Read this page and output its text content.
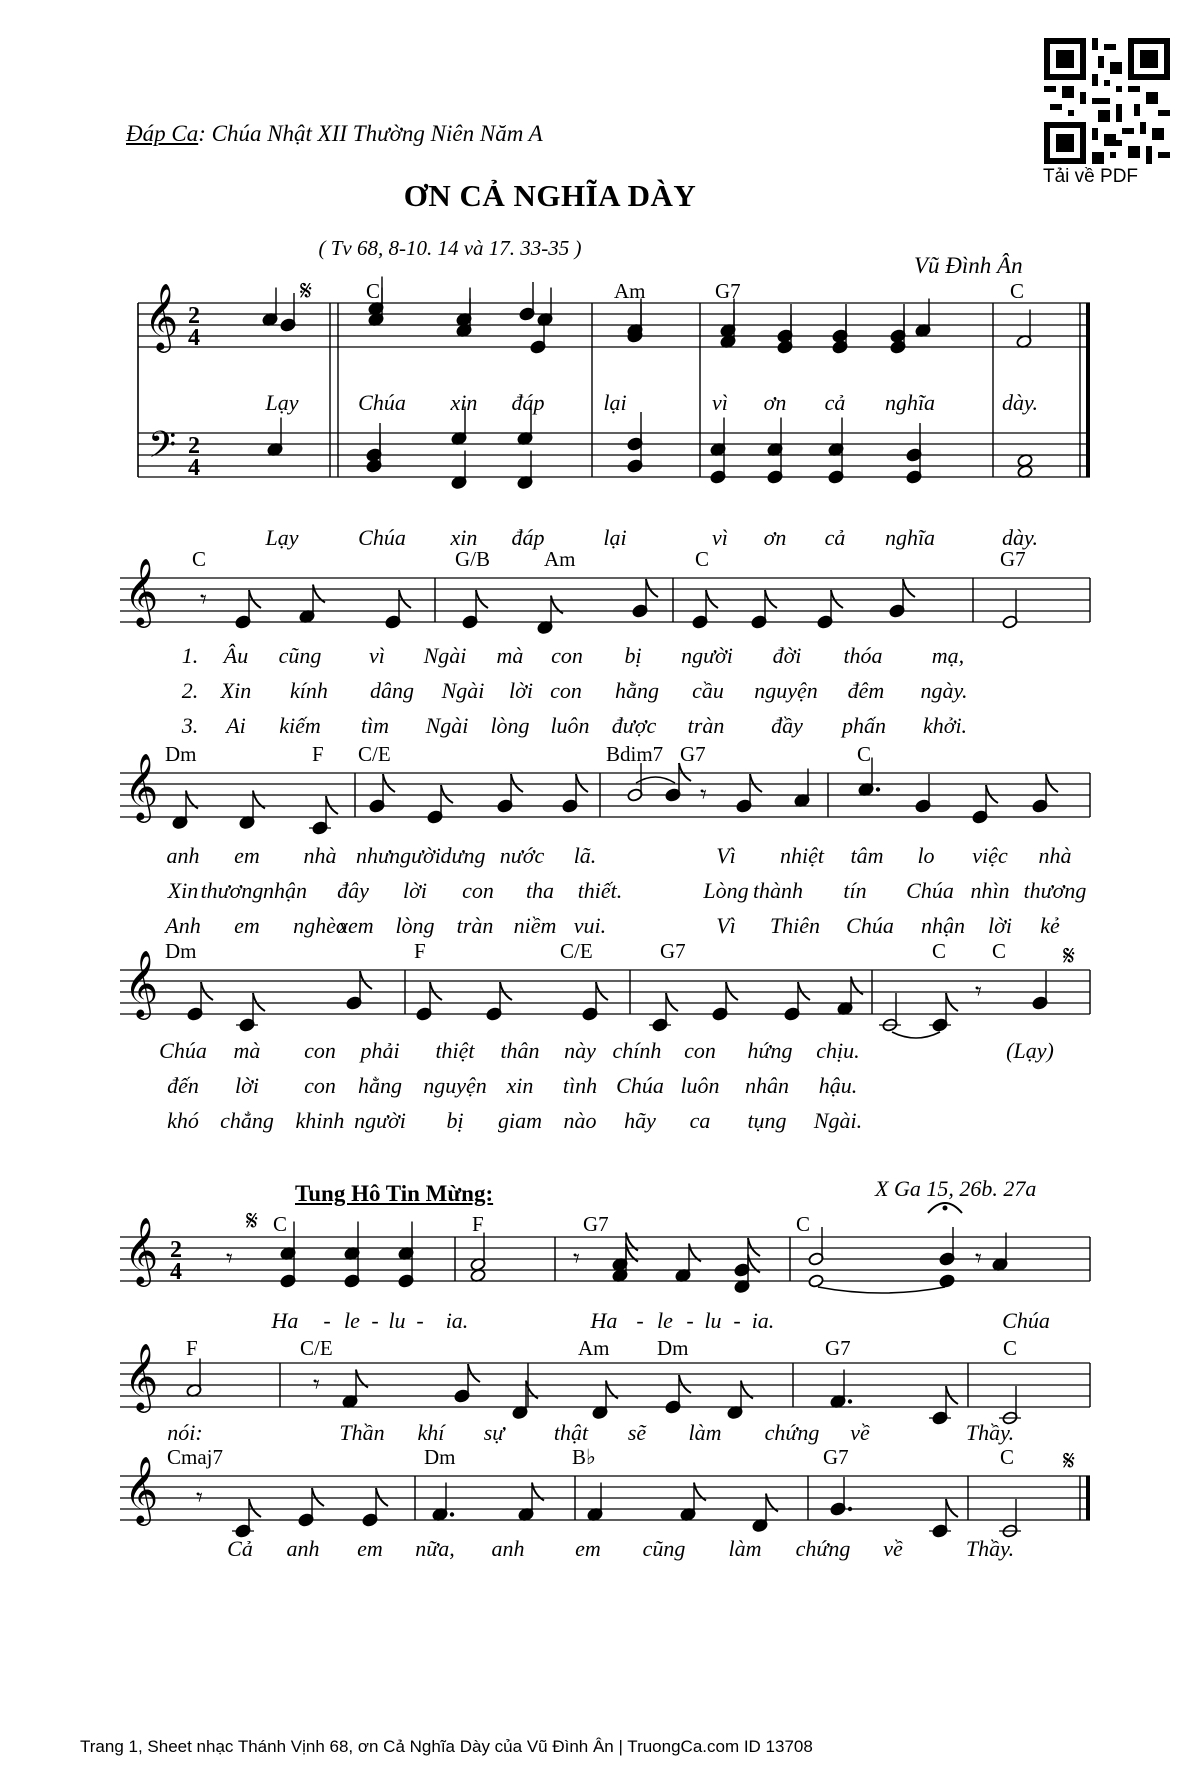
Tải về PDF
Đáp Ca: Chúa Nhật XII Thường Niên Năm A
ƠN CẢ NGHĨA DÀY
( Tv 68, 8-10. 14 và 17. 33-35 )
Vũ Đình Ân
Tung Hô Tin Mừng:	X Ga 15, 26b. 27a
𝄞 2
4
𝄢 2
4
𝄋	C	Am	G7	C
Lạy	Chúa xin đáp	lại	vì ơn cả nghĩa	dày.
Lạy	Chúa xin đáp	lại	vì ơn cả nghĩa	dày.
𝄞 C	G/B	Am	C	G7
𝄾
1. Âu cũng vì Ngài mà con bị người đời thóa mạ,
2. Xin kính dâng Ngài lời con hằng cầu nguyện đêm ngày.
3. Ai kiếm tìm Ngài lòng luôn được tràn đầy phấn khởi.
𝄞 Dm	F C/E	Bdim7 G7	C
𝄾
anh em nhà như người dưng nước lã.	Vì nhiệt tâm lo việc nhà
Xin thương nhận đây lời con tha thiết.	Lòng thành tín Chúa nhìn thương
Anh em nghèo
xem lòng tràn niềm vui.	Vì Thiên Chúa nhận lời kẻ
𝄞	𝄋
Dm	F	C/E	G7	C C
𝄾
Chúa mà con phải thiệt thân này chính con hứng chịu.	(Lạy)
đến lời con hằng nguyện xin tình Chúa luôn nhân hậu.
khó chẳng khinh người bị giam nào hãy ca tụng Ngài.
𝄞 2
4
𝄋 C	F	G7	C
𝄾	𝄾	𝄾
Ha - le - lu - ia.	Ha - le - lu - ia.	Chúa
𝄞 F	C/E	Am Dm	G7	C
𝄾
nói:	Thần khí sự thật sẽ làm chứng về	Thầy.
𝄞	𝄋
Cmaj7	Dm	B♭	G7	C
𝄾
Cả anh em nữa, anh em cũng làm chứng về	Thầy.
Trang 1, Sheet nhạc Thánh Vịnh 68, ơn Cả Nghĩa Dày của Vũ Đình Ân | TruongCa.com ID 13708
